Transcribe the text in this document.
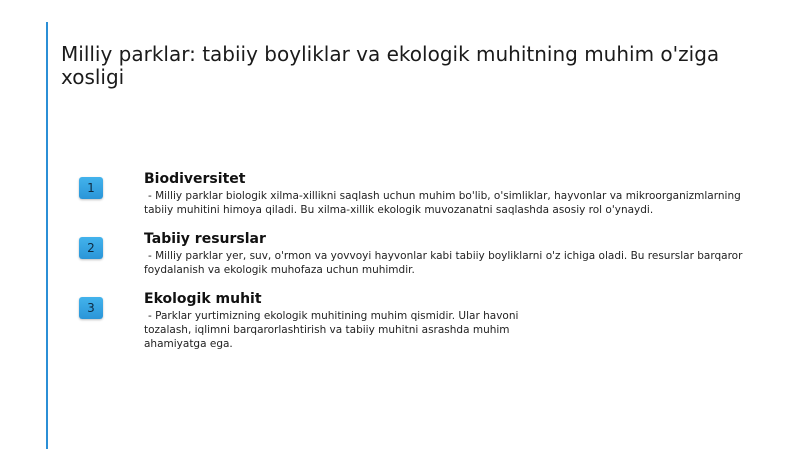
Milliy parklar: tabiiy boyliklar va ekologik muhitning muhim o'ziga xosligi
1
Biodiversitet
- Milliy parklar biologik xilma-xillikni saqlash uchun muhim bo'lib, o'simliklar, hayvonlar va mikroorganizmlarning tabiiy muhitini himoya qiladi. Bu xilma-xillik ekologik muvozanatni saqlashda asosiy rol o'ynaydi.
2
Tabiiy resurslar
- Milliy parklar yer, suv, o'rmon va yovvoyi hayvonlar kabi tabiiy boyliklarni o'z ichiga oladi. Bu resurslar barqaror foydalanish va ekologik muhofaza uchun muhimdir.
3
Ekologik muhit
- Parklar yurtimizning ekologik muhitining muhim qismidir. Ular havoni tozalash, iqlimni barqarorlashtirish va tabiiy muhitni asrashda muhim ahamiyatga ega.
